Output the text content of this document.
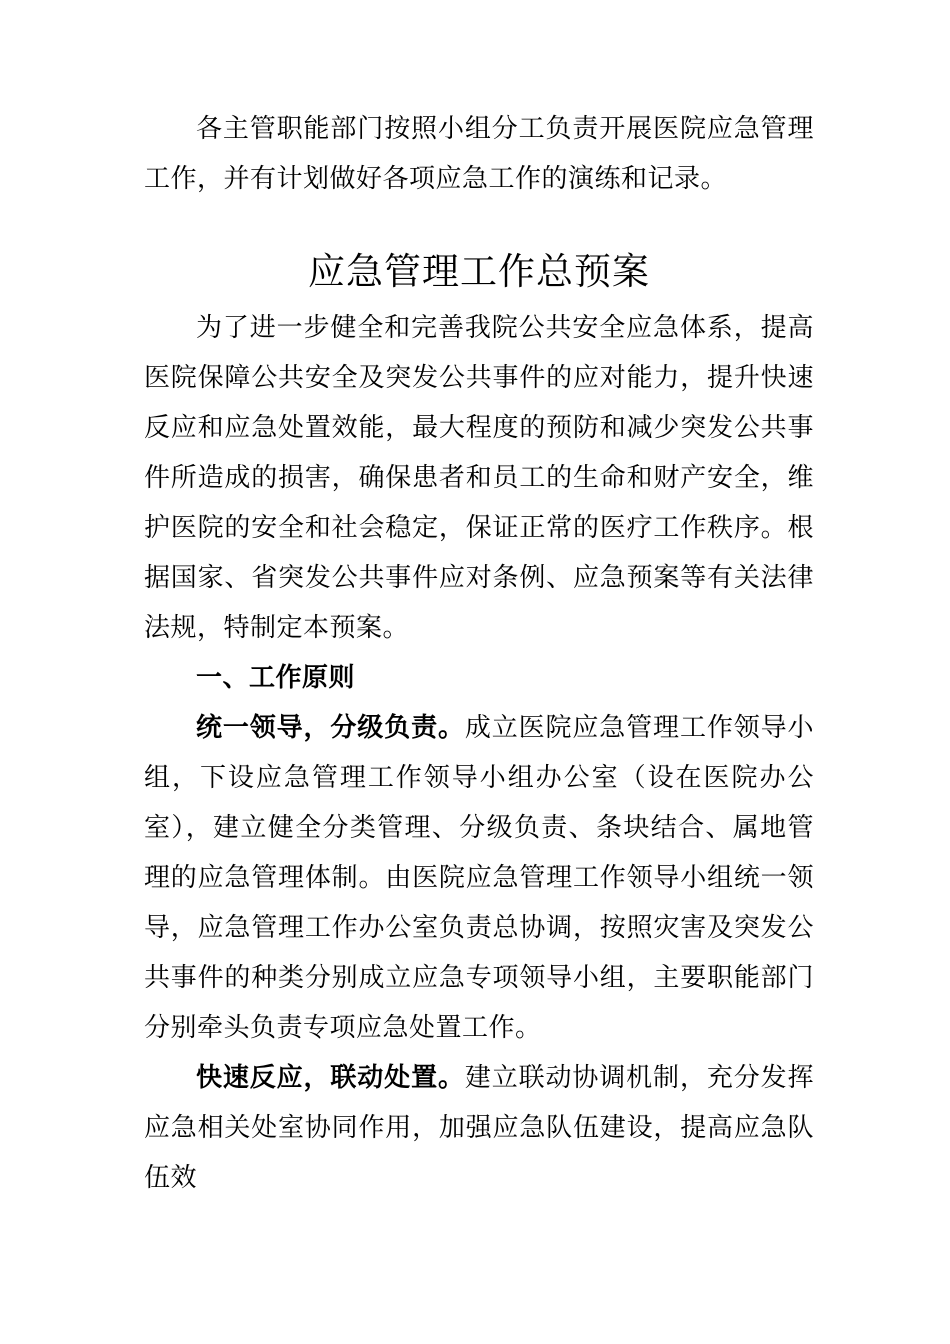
各主管职能部门按照小组分工负责开展医院应急管理工作，并有计划做好各项应急工作的演练和记录。

应急管理工作总预案

为了进一步健全和完善我院公共安全应急体系，提高医院保障公共安全及突发公共事件的应对能力，提升快速反应和应急处置效能，最大程度的预防和减少突发公共事件所造成的损害，确保患者和员工的生命和财产安全，维护医院的安全和社会稳定，保证正常的医疗工作秩序。根据国家、省突发公共事件应对条例、应急预案等有关法律法规，特制定本预案。

一、工作原则

统一领导，分级负责。成立医院应急管理工作领导小组，下设应急管理工作领导小组办公室（设在医院办公室），建立健全分类管理、分级负责、条块结合、属地管理的应急管理体制。由医院应急管理工作领导小组统一领导，应急管理工作办公室负责总协调，按照灾害及突发公共事件的种类分别成立应急专项领导小组，主要职能部门分别牵头负责专项应急处置工作。

快速反应，联动处置。建立联动协调机制，充分发挥应急相关处室协同作用，加强应急队伍建设，提高应急队伍效
